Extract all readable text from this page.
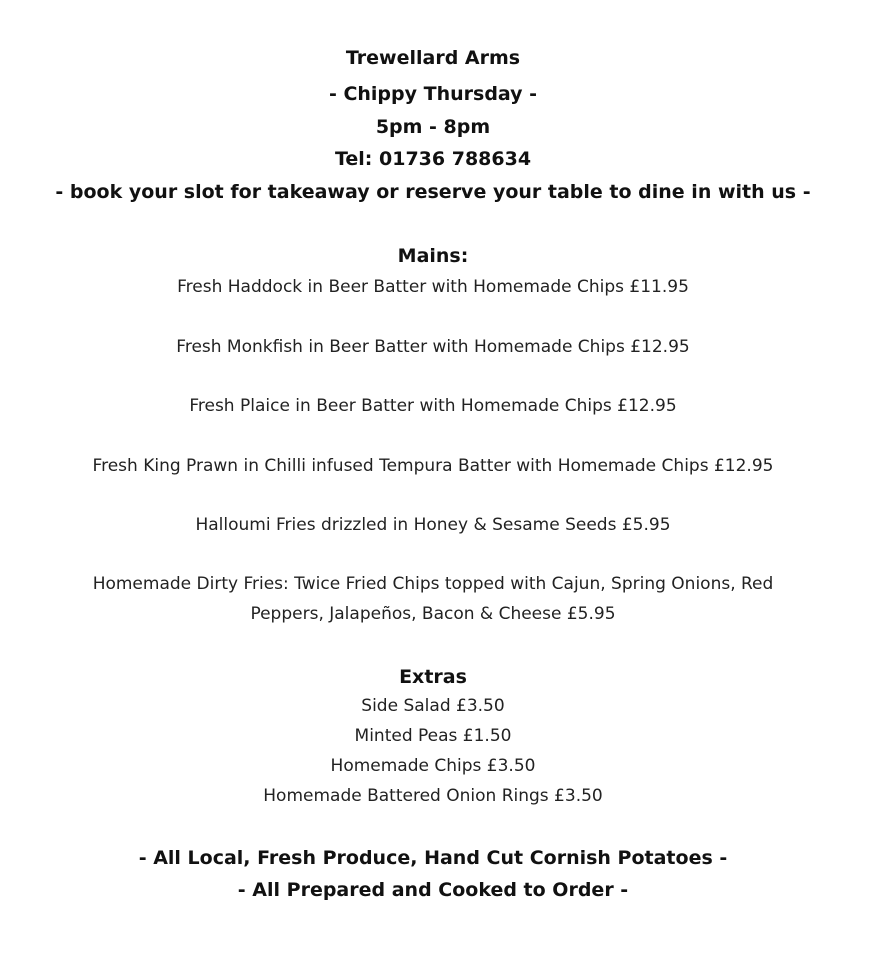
Trewellard Arms
- Chippy Thursday -
5pm - 8pm
Tel: 01736 788634
- book your slot for takeaway or reserve your table to dine in with us -
Mains:
Fresh Haddock in Beer Batter with Homemade Chips £11.95
Fresh Monkfish in Beer Batter with Homemade Chips £12.95
Fresh Plaice in Beer Batter with Homemade Chips £12.95
Fresh King Prawn in Chilli infused Tempura Batter with Homemade Chips £12.95
Halloumi Fries drizzled in Honey & Sesame Seeds £5.95
Homemade Dirty Fries: Twice Fried Chips topped with Cajun, Spring Onions, Red
Peppers, Jalapeños, Bacon & Cheese £5.95
Extras
Side Salad £3.50
Minted Peas £1.50
Homemade Chips £3.50
Homemade Battered Onion Rings £3.50
- All Local, Fresh Produce, Hand Cut Cornish Potatoes -
- All Prepared and Cooked to Order -
